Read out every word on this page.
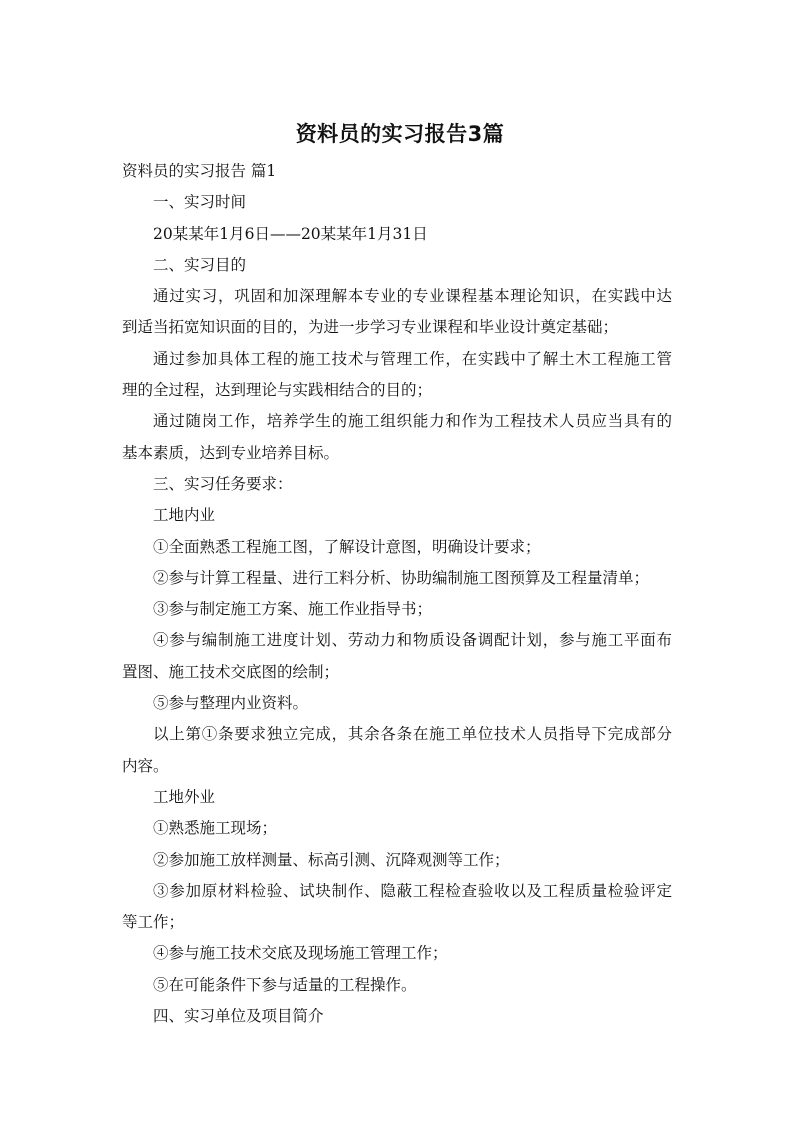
资料员的实习报告3篇

资料员的实习报告 篇1

一、实习时间

20某某年1月6日——20某某年1月31日

二、实习目的

通过实习，巩固和加深理解本专业的专业课程基本理论知识，在实践中达

到适当拓宽知识面的目的，为进一步学习专业课程和毕业设计奠定基础；

通过参加具体工程的施工技术与管理工作，在实践中了解土木工程施工管

理的全过程，达到理论与实践相结合的目的；

通过随岗工作，培养学生的施工组织能力和作为工程技术人员应当具有的

基本素质，达到专业培养目标。

三、实习任务要求：

工地内业

①全面熟悉工程施工图，了解设计意图，明确设计要求；

②参与计算工程量、进行工料分析、协助编制施工图预算及工程量清单；

③参与制定施工方案、施工作业指导书；

④参与编制施工进度计划、劳动力和物质设备调配计划，参与施工平面布

置图、施工技术交底图的绘制；

⑤参与整理内业资料。

以上第①条要求独立完成，其余各条在施工单位技术人员指导下完成部分

内容。

工地外业

①熟悉施工现场；

②参加施工放样测量、标高引测、沉降观测等工作；

③参加原材料检验、试块制作、隐蔽工程检查验收以及工程质量检验评定

等工作；

④参与施工技术交底及现场施工管理工作；

⑤在可能条件下参与适量的工程操作。

四、实习单位及项目简介
